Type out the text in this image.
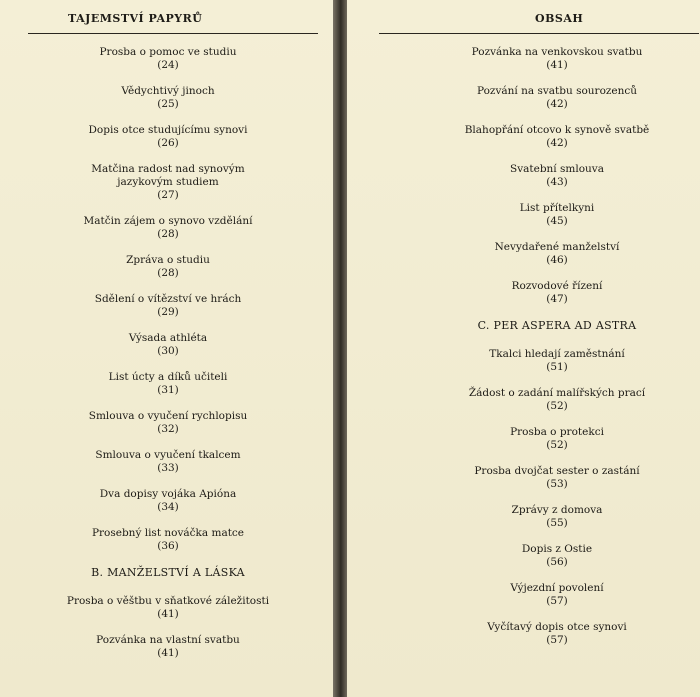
TAJEMSTVÍ PAPYRŮ
Prosba o pomoc ve studiu
(24)
Vědychtivý jinoch
(25)
Dopis otce studujícímu synovi
(26)
Matčina radost nad synovým jazykovým studiem
(27)
Matčin zájem o synovo vzdělání
(28)
Zpráva o studiu
(28)
Sdělení o vítězství ve hrách
(29)
Výsada athléta
(30)
List úcty a díků učiteli
(31)
Smlouva o vyučení rychlopisu
(32)
Smlouva o vyučení tkalcem
(33)
Dva dopisy vojáka Apióna
(34)
Prosebný list nováčka matce
(36)
B. MANŽELSTVÍ A LÁSKA
Prosba o věštbu v sňatkové záležitosti
(41)
Pozvánka na vlastní svatbu
(41)
OBSAH
Pozvánka na venkovskou svatbu
(41)
Pozvání na svatbu sourozenců
(42)
Blahopřání otcovo k synově svatbě
(42)
Svatební smlouva
(43)
List přítelkyni
(45)
Nevydařené manželství
(46)
Rozvodové řízení
(47)
C. PER ASPERA AD ASTRA
Tkalci hledají zaměstnání
(51)
Žádost o zadání malířských prací
(52)
Prosba o protekci
(52)
Prosba dvojčat sester o zastání
(53)
Zprávy z domova
(55)
Dopis z Ostie
(56)
Výjezdní povolení
(57)
Vyčítavý dopis otce synovi
(57)
